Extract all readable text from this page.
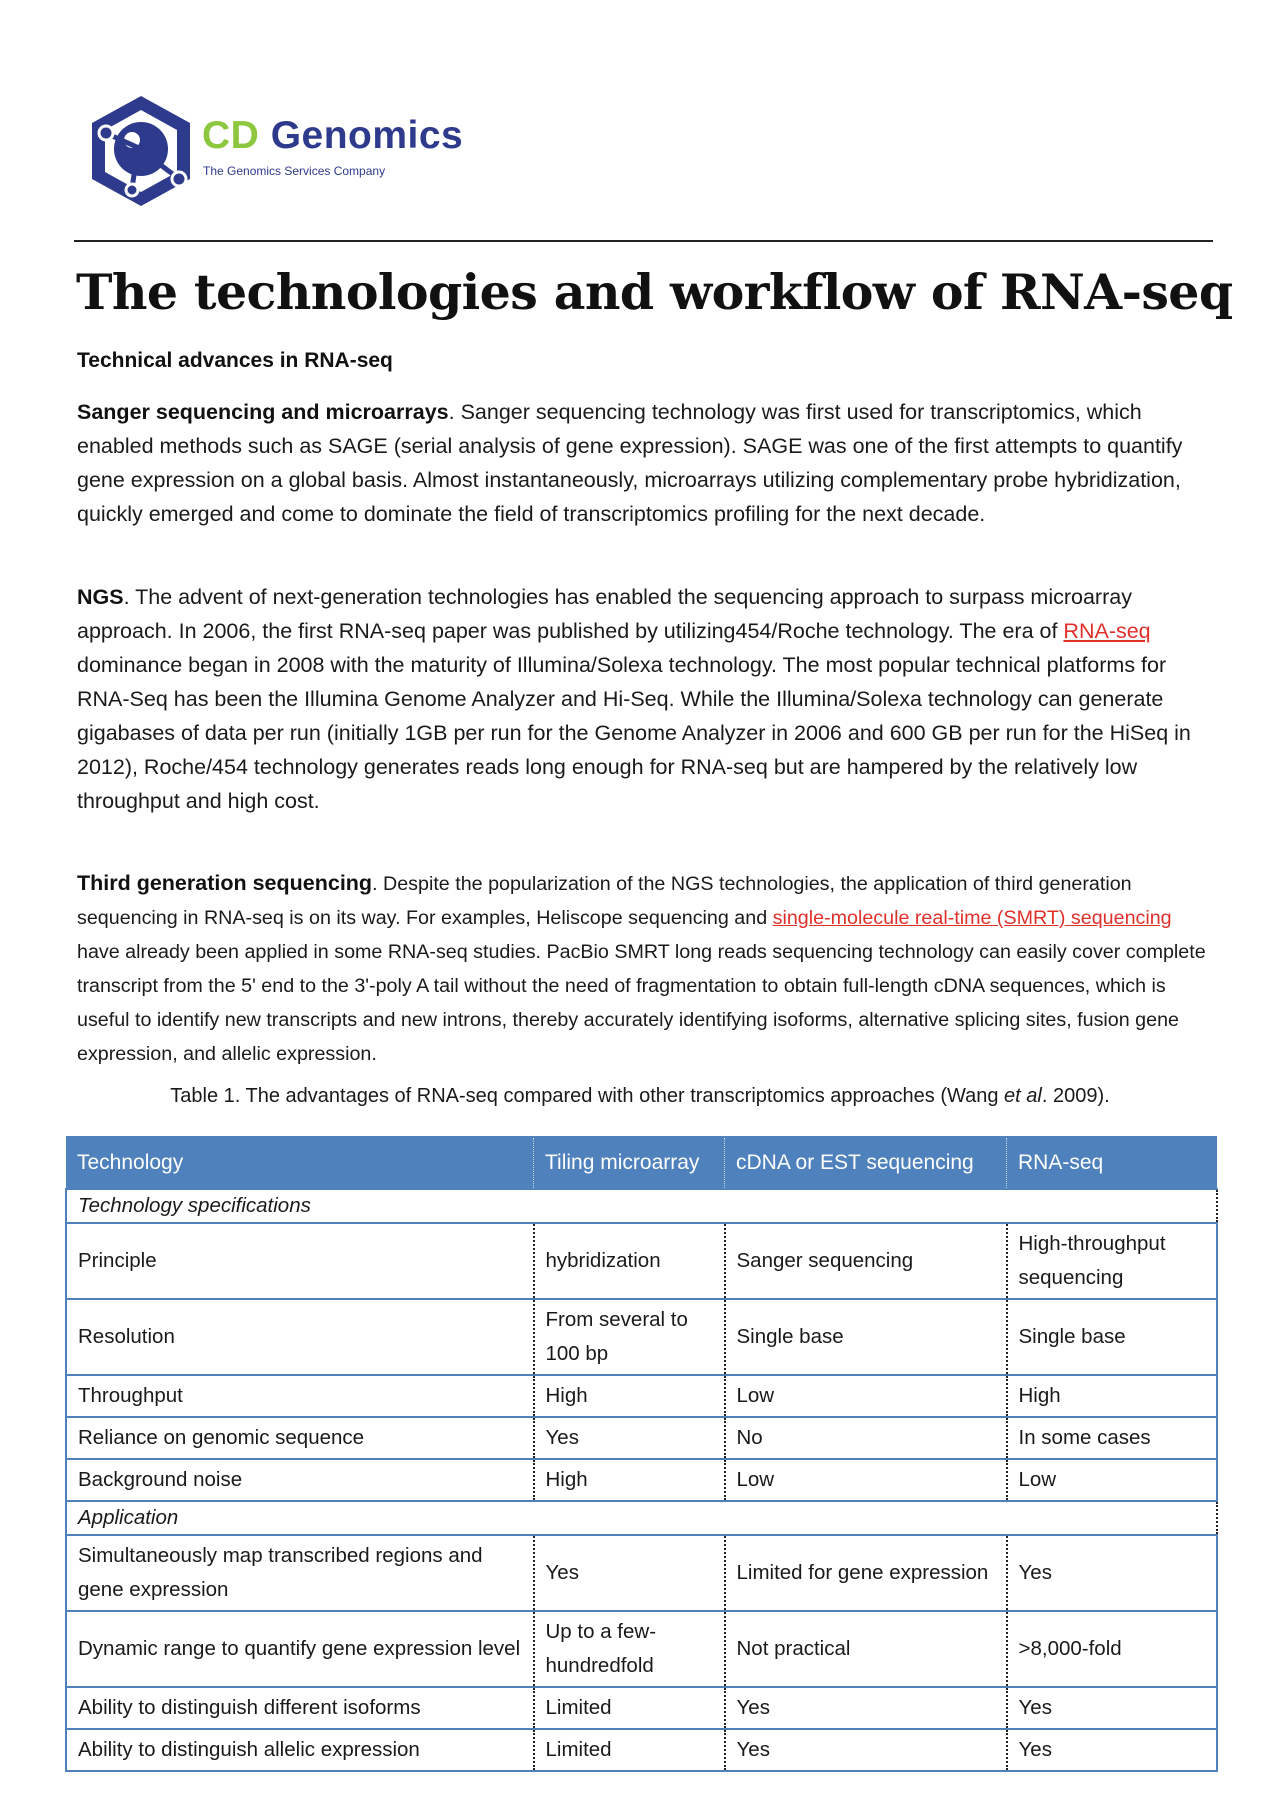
CD Genomics
The Genomics Services Company
The technologies and workflow of RNA-seq

Technical advances in RNA-seq

Sanger sequencing and microarrays. Sanger sequencing technology was first used for transcriptomics, which enabled methods such as SAGE (serial analysis of gene expression). SAGE was one of the first attempts to quantify gene expression on a global basis. Almost instantaneously, microarrays utilizing complementary probe hybridization, quickly emerged and come to dominate the field of transcriptomics profiling for the next decade.

NGS. The advent of next-generation technologies has enabled the sequencing approach to surpass microarray approach. In 2006, the first RNA-seq paper was published by utilizing454/Roche technology. The era of RNA-seq dominance began in 2008 with the maturity of Illumina/Solexa technology. The most popular technical platforms for RNA-Seq has been the Illumina Genome Analyzer and Hi-Seq. While the Illumina/Solexa technology can generate gigabases of data per run (initially 1GB per run for the Genome Analyzer in 2006 and 600 GB per run for the HiSeq in 2012), Roche/454 technology generates reads long enough for RNA-seq but are hampered by the relatively low throughput and high cost.

Third generation sequencing. Despite the popularization of the NGS technologies, the application of third generation sequencing in RNA-seq is on its way. For examples, Heliscope sequencing and single-molecule real-time (SMRT) sequencing have already been applied in some RNA-seq studies. PacBio SMRT long reads sequencing technology can easily cover complete transcript from the 5' end to the 3'-poly A tail without the need of fragmentation to obtain full-length cDNA sequences, which is useful to identify new transcripts and new introns, thereby accurately identifying isoforms, alternative splicing sites, fusion gene expression, and allelic expression.

Table 1. The advantages of RNA-seq compared with other transcriptomics approaches (Wang et al. 2009).

Technology	Tiling microarray	cDNA or EST sequencing	RNA-seq
Technology specifications			
Principle	hybridization	Sanger sequencing	High-throughput sequencing
Resolution	From several to 100 bp	Single base	Single base
Throughput	High	Low	High
Reliance on genomic sequence	Yes	No	In some cases
Background noise	High	Low	Low
Application			
Simultaneously map transcribed regions and gene expression	Yes	Limited for gene expression	Yes
Dynamic range to quantify gene expression level	Up to a few-hundredfold	Not practical	>8,000-fold
Ability to distinguish different isoforms	Limited	Yes	Yes
Ability to distinguish allelic expression	Limited	Yes	Yes
